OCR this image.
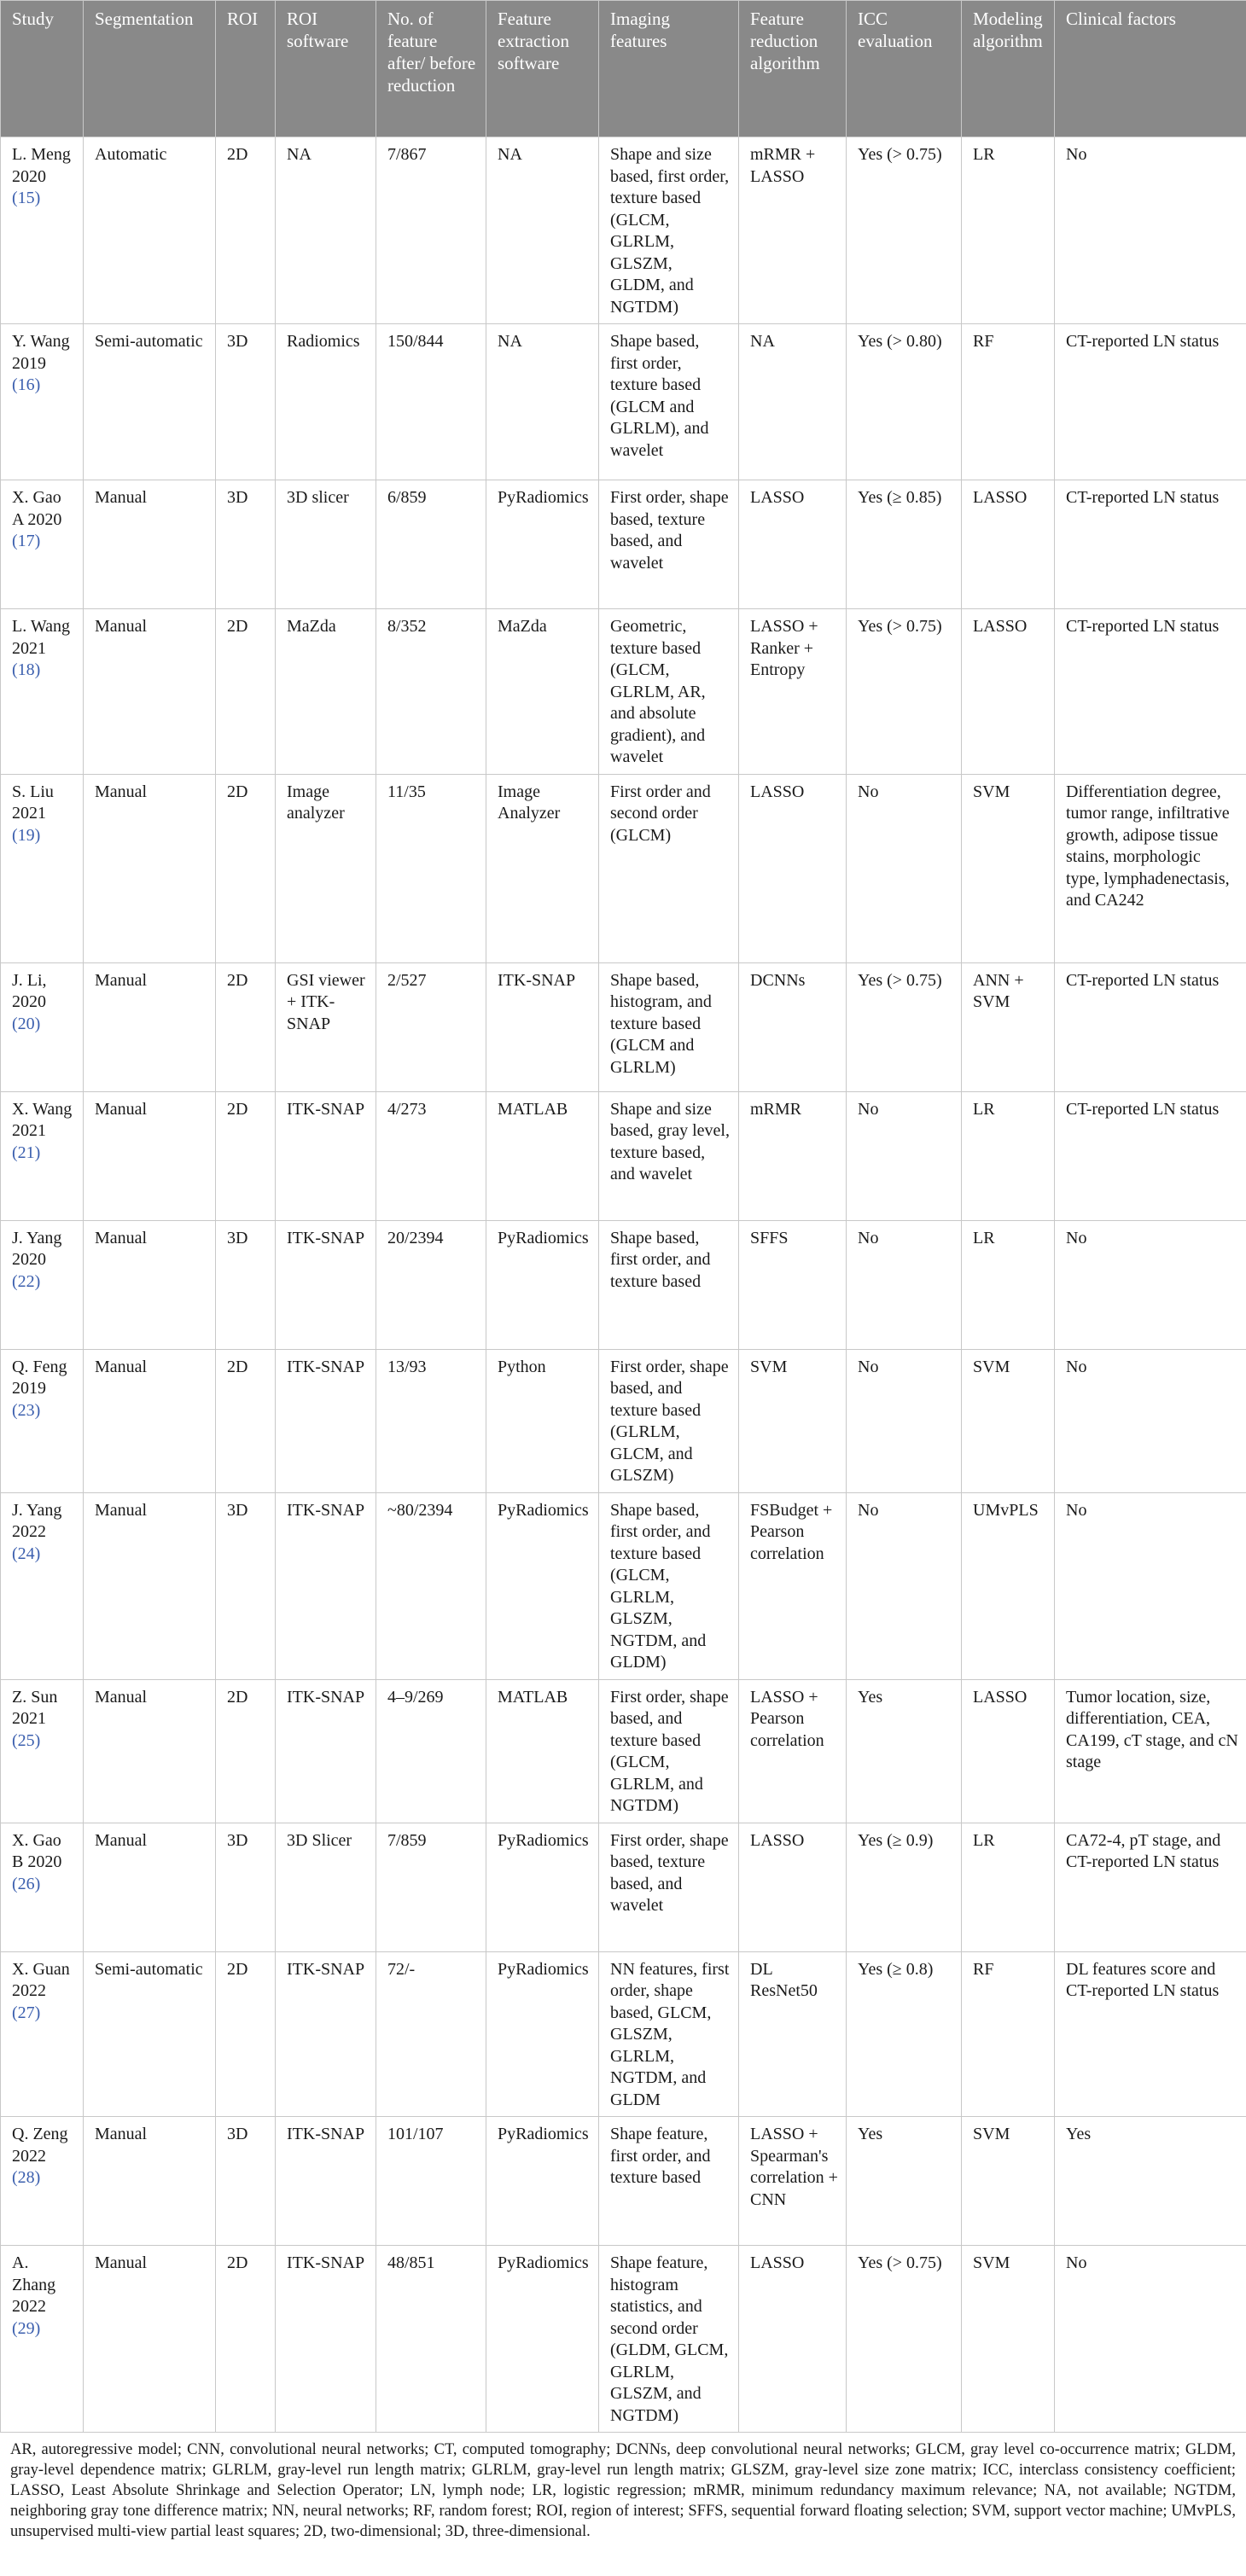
Study	Segmentation	ROI	ROI software	No. of feature after/ before reduction	Feature extraction software	Imaging features	Feature reduction algorithm	ICC evaluation	Modeling algorithm	Clinical factors
L. Meng 2020 (15)	Automatic	2D	NA	7/867	NA	Shape and size based, first order, texture based (GLCM, GLRLM, GLSZM, GLDM, and NGTDM)	mRMR + LASSO	Yes (> 0.75)	LR	No
Y. Wang 2019 (16)	Semi-automatic	3D	Radiomics	150/844	NA	Shape based, first order, texture based (GLCM and GLRLM), and wavelet	NA	Yes (> 0.80)	RF	CT-reported LN status
X. Gao A 2020 (17)	Manual	3D	3D slicer	6/859	PyRadiomics	First order, shape based, texture based, and wavelet	LASSO	Yes (≥ 0.85)	LASSO	CT-reported LN status
L. Wang 2021 (18)	Manual	2D	MaZda	8/352	MaZda	Geometric, texture based (GLCM, GLRLM, AR, and absolute gradient), and wavelet	LASSO + Ranker + Entropy	Yes (> 0.75)	LASSO	CT-reported LN status
S. Liu 2021 (19)	Manual	2D	Image analyzer	11/35	Image Analyzer	First order and second order (GLCM)	LASSO	No	SVM	Differentiation degree, tumor range, infiltrative growth, adipose tissue stains, morphologic type, lymphadenectasis, and CA242
J. Li, 2020 (20)	Manual	2D	GSI viewer + ITK-SNAP	2/527	ITK-SNAP	Shape based, histogram, and texture based (GLCM and GLRLM)	DCNNs	Yes (> 0.75)	ANN + SVM	CT-reported LN status
X. Wang 2021 (21)	Manual	2D	ITK-SNAP	4/273	MATLAB	Shape and size based, gray level, texture based, and wavelet	mRMR	No	LR	CT-reported LN status
J. Yang 2020 (22)	Manual	3D	ITK-SNAP	20/2394	PyRadiomics	Shape based, first order, and texture based	SFFS	No	LR	No
Q. Feng 2019 (23)	Manual	2D	ITK-SNAP	13/93	Python	First order, shape based, and texture based (GLRLM, GLCM, and GLSZM)	SVM	No	SVM	No
J. Yang 2022 (24)	Manual	3D	ITK-SNAP	~80/2394	PyRadiomics	Shape based, first order, and texture based (GLCM, GLRLM, GLSZM, NGTDM, and GLDM)	FSBudget + Pearson correlation	No	UMvPLS	No
Z. Sun 2021 (25)	Manual	2D	ITK-SNAP	4–9/269	MATLAB	First order, shape based, and texture based (GLCM, GLRLM, and NGTDM)	LASSO + Pearson correlation	Yes	LASSO	Tumor location, size, differentiation, CEA, CA199, cT stage, and cN stage
X. Gao B 2020 (26)	Manual	3D	3D Slicer	7/859	PyRadiomics	First order, shape based, texture based, and wavelet	LASSO	Yes (≥ 0.9)	LR	CA72-4, pT stage, and CT-reported LN status
X. Guan 2022 (27)	Semi-automatic	2D	ITK-SNAP	72/-	PyRadiomics	NN features, first order, shape based, GLCM, GLSZM, GLRLM, NGTDM, and GLDM	DL ResNet50	Yes (≥ 0.8)	RF	DL features score and CT-reported LN status
Q. Zeng 2022 (28)	Manual	3D	ITK-SNAP	101/107	PyRadiomics	Shape feature, first order, and texture based	LASSO + Spearman's correlation + CNN	Yes	SVM	Yes
A. Zhang 2022 (29)	Manual	2D	ITK-SNAP	48/851	PyRadiomics	Shape feature, histogram statistics, and second order (GLDM, GLCM, GLRLM, GLSZM, and NGTDM)	LASSO	Yes (> 0.75)	SVM	No
AR, autoregressive model; CNN, convolutional neural networks; CT, computed tomography; DCNNs, deep convolutional neural networks; GLCM, gray level co-occurrence matrix; GLDM, gray-level dependence matrix; GLRLM, gray-level run length matrix; GLRLM, gray-level run length matrix; GLSZM, gray-level size zone matrix; ICC, interclass consistency coefficient; LASSO, Least Absolute Shrinkage and Selection Operator; LN, lymph node; LR, logistic regression; mRMR, minimum redundancy maximum relevance; NA, not available; NGTDM, neighboring gray tone difference matrix; NN, neural networks; RF, random forest; ROI, region of interest; SFFS, sequential forward floating selection; SVM, support vector machine; UMvPLS, unsupervised multi-view partial least squares; 2D, two-dimensional; 3D, three-dimensional.
